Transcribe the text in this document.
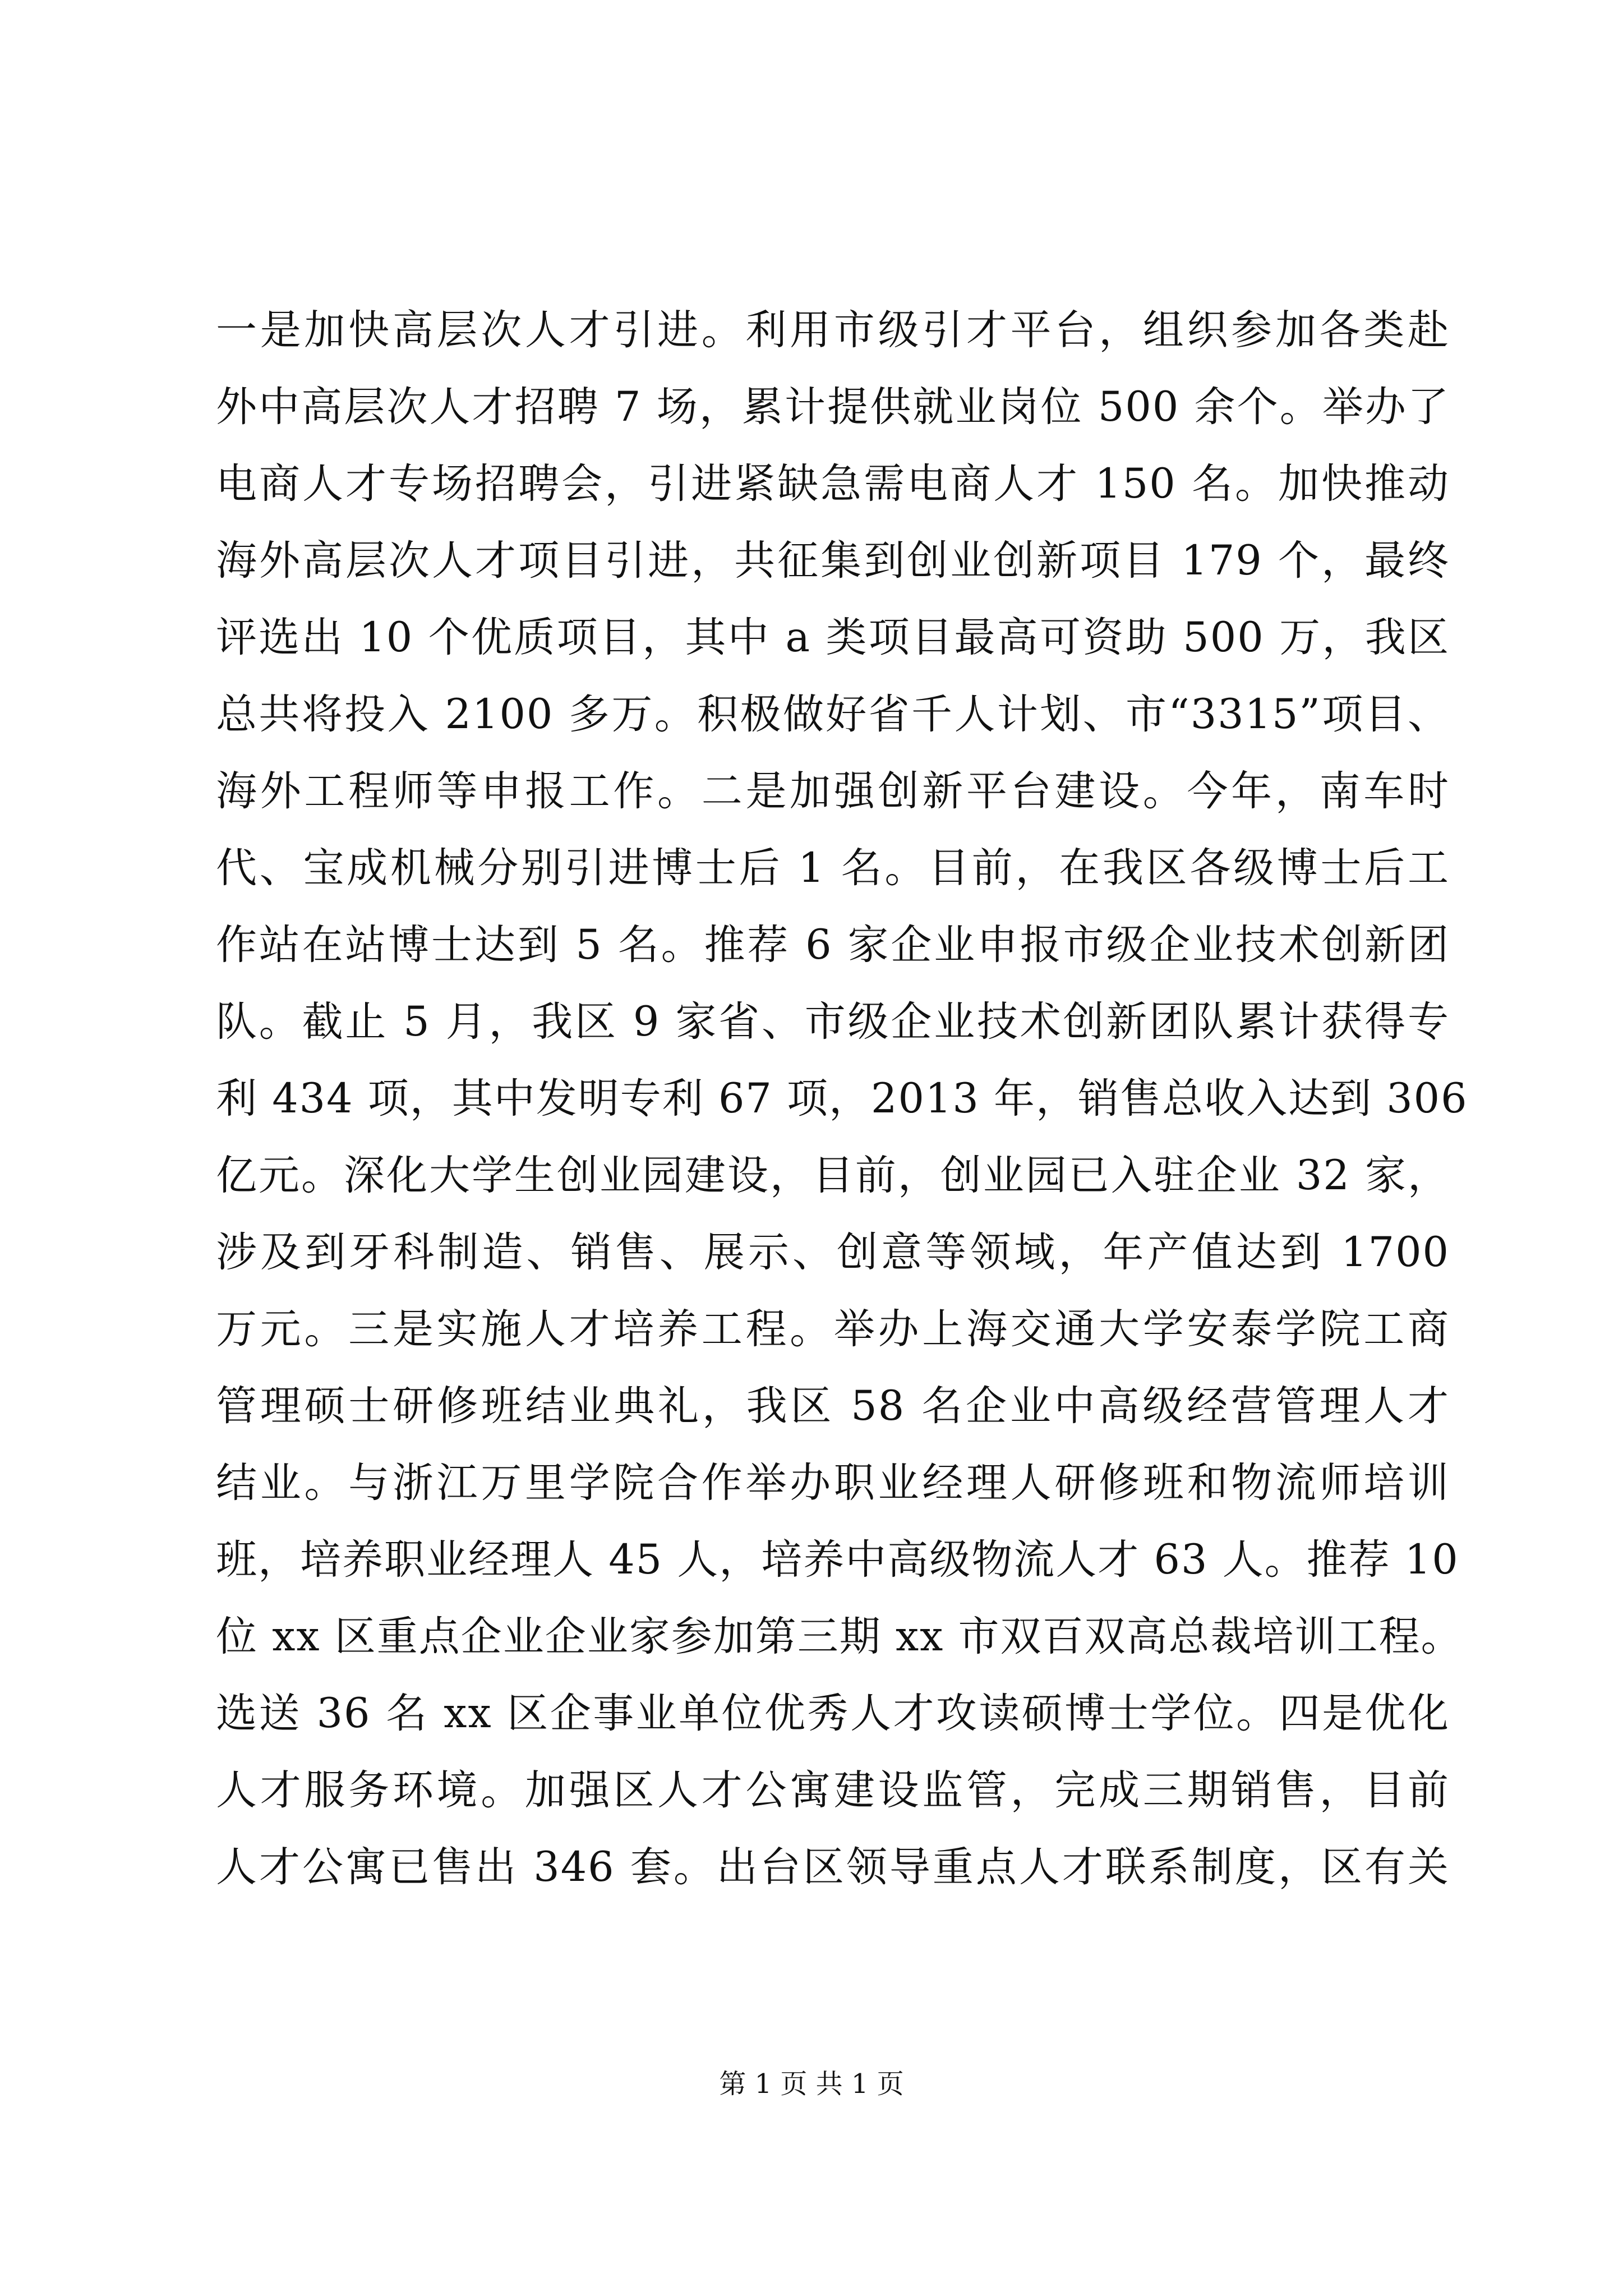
一是加快高层次人才引进。利用市级引才平台，组织参加各类赴
外中高层次人才招聘 7 场，累计提供就业岗位 500 余个。举办了
电商人才专场招聘会，引进紧缺急需电商人才 150 名。加快推动
海外高层次人才项目引进，共征集到创业创新项目 179 个，最终
评选出 10 个优质项目，其中 a 类项目最高可资助 500 万，我区
总共将投入 2100 多万。积极做好省千人计划、市“3315”项目、
海外工程师等申报工作。二是加强创新平台建设。今年，南车时
代、宝成机械分别引进博士后 1 名。目前，在我区各级博士后工
作站在站博士达到 5 名。推荐 6 家企业申报市级企业技术创新团
队。截止 5 月，我区 9 家省、市级企业技术创新团队累计获得专
利 434 项，其中发明专利 67 项，2013 年，销售总收入达到 306
亿元。深化大学生创业园建设，目前，创业园已入驻企业 32 家，
涉及到牙科制造、销售、展示、创意等领域，年产值达到 1700
万元。三是实施人才培养工程。举办上海交通大学安泰学院工商
管理硕士研修班结业典礼，我区 58 名企业中高级经营管理人才
结业。与浙江万里学院合作举办职业经理人研修班和物流师培训
班，培养职业经理人 45 人，培养中高级物流人才 63 人。推荐 10
位 xx 区重点企业企业家参加第三期 xx 市双百双高总裁培训工程。
选送 36 名 xx 区企事业单位优秀人才攻读硕博士学位。四是优化
人才服务环境。加强区人才公寓建设监管，完成三期销售，目前
人才公寓已售出 346 套。出台区领导重点人才联系制度，区有关
第 1 页 共 1 页
